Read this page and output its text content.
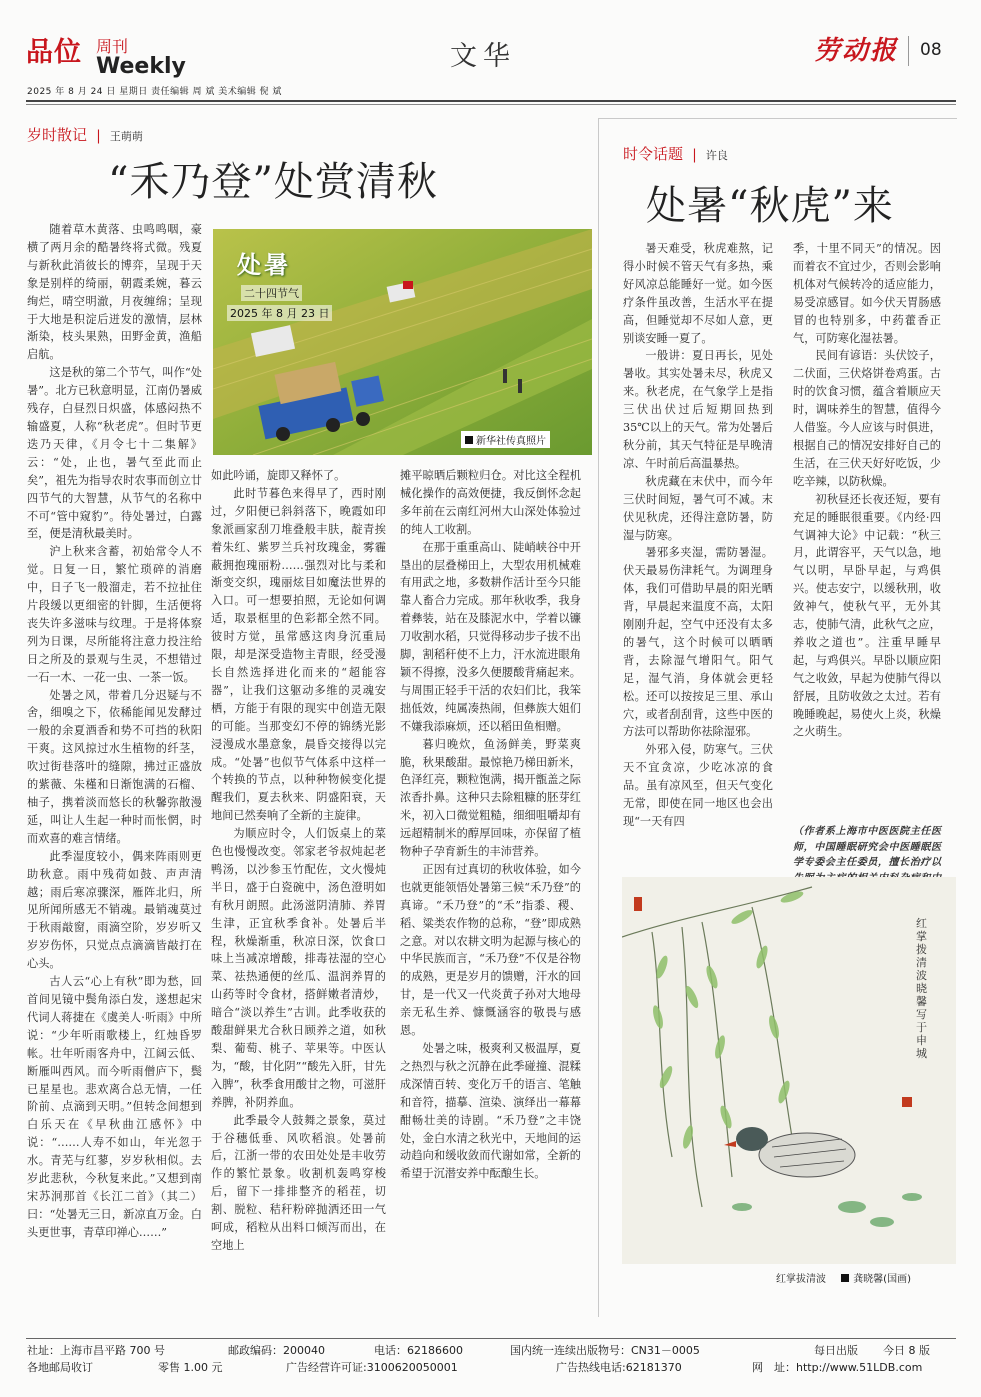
品位 周刊
Weekly	文华	劳动报 08
2025 年 8 月 24 日 星期日 责任编辑 周 斌 美术编辑 倪 斌
岁时散记 | 王萌萌
“禾乃登”处赏清秋
处暑
二十四节气
2025 年 8 月 23 日
新华社传真照片

随着草木黄落、虫鸣鸣咽，豪横了两月余的酷暑终将式微。残夏与新秋此消彼长的博弈，呈现于天象是别样的绮丽，朝霞柔婉，暮云绚烂，晴空明澈，月夜缠绵；呈现于大地是积淀后迸发的激情，层林渐染，枝头果熟，田野金黄，渔船启航。

这是秋的第二个节气，叫作“处暑”。北方已秋意明显，江南仍暑威残存，白昼烈日炽盛，体感闷热不输盛夏，人称“秋老虎”。但时节更迭乃天律，《月令七十二集解》云：“处，止也，暑气至此而止矣”，祖先为指导农时农事而创立廿四节气的大智慧，从节气的名称中不可“管中窥豹”。待处暑过，白露至，便是清秋最美时。

沪上秋来含蓄，初始常令人不觉。日复一日，繁忙琐碎的消磨中，日子飞一般溜走，若不拉扯住片段缓以更细密的针脚，生活便将丧失许多滋味与纹理。于是将体察列为日课，尽所能将注意力投注给日之所及的景观与生灵，不想错过一石一木、一花一虫、一茶一饭。

处暑之风，带着几分迟疑与不舍，细嗅之下，依稀能闻见发酵过一般的余夏酒香和势不可挡的秋阳干爽。这风掠过水生植物的纤茎，吹过街巷落叶的缝隙，拂过正盛放的紫薇、朱槿和日渐饱满的石榴、柚子，携着淡而悠长的秋馨弥散漫延，叫让人生起一种时而怅惘，时而欢喜的难言情绪。

此季湿度较小，偶来阵雨则更助秋意。雨中残荷如鼓、声声清越；雨后寒凉骤深，雁阵北归，所见所闻所感无不销魂。最销魂莫过于秋雨敲窗，雨滴空阶，岁岁听又岁岁伤怀，只觉点点滴滴皆敲打在心头。

古人云“心上有秋”即为愁，回首间见镜中鬓角添白发，遂想起宋代词人蒋捷在《虞美人·听雨》中所说：“少年听雨歌楼上，红烛昏罗帐。壮年听雨客舟中，江阔云低、断雁叫西风。而今听雨僧庐下，鬓已星星也。悲欢离合总无情，一任阶前、点滴到天明。”但转念间想到白乐天在《早秋曲江感怀》中说：“……人寿不如山，年光忽于水。青芜与红蓼，岁岁秋相似。去岁此悲秋，今秋复来此。”又想到南宋苏泂那首《长江二首》（其二）曰：“处暑无三日，新凉直万金。白头更世事，青草印禅心……”

如此吟诵，旋即又释怀了。

此时节暮色来得早了，西时刚过，夕阳便已斜斜落下，晚霞如印象派画家刮刀堆叠般丰肤，靛青挨着朱红、紫罗兰兵衬玫瑰金，雾霾蔽拥抱瑰丽粉……强烈对比与柔和渐变交织，瑰丽炫目如魔法世界的入口。可一想要拍照，无论如何调适，取景框里的色彩都全然不同。彼时方觉，虽常感这肉身沉重局限，却是深受造物主青眼，经受漫长自然选择进化而来的“超能容器”，让我们这躯动多维的灵魂安栖，方能于有限的现实中创造无限的可能。当那变幻不停的锦绣光影浸漫成水墨意象，晨昏交接得以完成。“处暑”也似节气体系中这样一个转换的节点，以种种物候变化提醒我们，夏去秋来、阴盛阳衰，天地间已然奏响了全新的主旋律。

为顺应时令，人们饭桌上的菜色也慢慢改变。邻家老爷叔炖起老鸭汤，以沙参玉竹配佐，文火慢炖半日，盛于白瓷碗中，汤色澄明如有秋月朗照。此汤滋阴清肺、养胃生津，正宜秋季食补。处暑后半程，秋燥渐重，秋凉日深，饮食口味上当减凉增酸，排毒祛湿的空心菜、祛热通便的丝瓜、温润养胃的山药等时令食材，搭鲜嫩者清炒，暗合“淡以养生”古训。此季收获的酸甜鲜果尤合秋日顾养之道，如秋梨、葡萄、桃子、苹果等。中医认为，“酸，甘化阴”“酸先入肝，甘先入脾”，秋季食用酸甘之物，可滋肝养脾，补阴养血。

此季最令人鼓舞之景象，莫过于谷穗低垂、风吹稻浪。处暑前后，江浙一带的农田处处是丰收劳作的繁忙景象。收割机轰鸣穿梭后，留下一排排整齐的稻茬，切割、脱粒、秸秆粉碎抛洒还田一气呵成，稻粒从出料口倾泻而出，在空地上

摊平晾晒后颗粒归仓。对比这全程机械化操作的高效便捷，我反倒怀念起多年前在云南红河州大山深处体验过的纯人工收割。

在那于重重高山、陡峭峡谷中开垦出的层叠梯田上，大型农用机械难有用武之地，多数耕作活计至今只能靠人畜合力完成。那年秋收季，我身着彝装，站在及膝泥水中，学着以镰刀收割水稻，只觉得移动步子拔不出脚，割稻秆使不上力，汗水流进眼角颖不得擦，没多久便腰酸背痛起来。与周围正轻手干活的农妇们比，我笨拙低效，纯属凑热闹，但彝族大姐们不嫌我添麻烦，还以稻田鱼相赠。

暮归晚炊，鱼汤鲜美，野菜爽脆，秋果酸甜。最惊艳乃梯田新米，色泽红亮，颗粒饱满，揭开甑盖之际浓香扑鼻。这种只去除粗糠的胚芽红米，初入口微觉粗糙，细细咀嚼却有远超精制米的醇厚回味，亦保留了植物种子孕育新生的丰沛营养。

正因有过真切的秋收体验，如今也就更能领悟处暑第三候“禾乃登”的真谛。“禾乃登”的“禾”指黍、稷、稻、粱类农作物的总称，“登”即成熟之意。对以农耕文明为起源与核心的中华民族而言，“禾乃登”不仅是谷物的成熟，更是岁月的馈赠，汗水的回甘，是一代又一代炎黄子孙对大地母亲无私生养、慷慨涵容的敬畏与感恩。

处暑之味，极爽利又极温厚，夏之热烈与秋之沉静在此季碰撞、混糅成深情百转、变化万千的语言、笔触和音符，描摹、渲染、演绎出一幕幕酣畅壮美的诗剧。“禾乃登”之丰饶处，金白水清之秋光中，天地间的运动趋向和缓收敛而代谢如常，全新的希望于沉潜安养中酝酿生长。

时令话题 | 许良
处暑“秋虎”来

暑天难受，秋虎难熬，记得小时候不管天气有多热，乘好风凉总能睡好一觉。如今医疗条件虽改善，生活水平在提高，但睡觉却不尽如人意，更别谈安睡一夏了。

一般讲：夏日再长，见处暑收。其实处暑未尽，秋虎又来。秋老虎，在气象学上是指三伏出伏过后短期回热到 35℃以上的天气。常为处暑后秋分前，其天气特征是早晚清凉、午时前后高温暴热。

秋虎藏在末伏中，而今年三伏时间短，暑气可不减。末伏见秋虎，还得注意防暑，防湿与防寒。

暑邪多夹湿，需防暑湿。伏天最易伤津耗气。为调理身体，我们可借助早晨的阳光晒背，早晨起来温度不高，太阳刚刚升起，空气中还没有太多的暑气，这个时候可以晒晒背，去除湿气增阳气。阳气足，湿气消，身体就会更轻松。还可以按按足三里、承山穴，或者刮刮背，这些中医的方法可以帮助你祛除湿邪。

外邪入侵，防寒气。三伏天不宜贪凉，少吃冰凉的食品。虽有凉风至，但天气变化无常，即使在同一地区也会出现“一天有四

季，十里不同天”的情况。因而着衣不宜过少，否则会影响机体对气候转冷的适应能力，易受凉感冒。如今伏天胃肠感冒的也特别多，中药藿香正气，可防寒化湿祛暑。

民间有谚语：头伏饺子，二伏面，三伏烙饼卷鸡蛋。古时的饮食习惯，蕴含着顺应天时，调味养生的智慧，值得今人借鉴。今人应该与时俱进，根据自己的情况安排好自己的生活，在三伏天好好吃饭，少吃辛辣，以防秋燥。

初秋昼还长夜还短，要有充足的睡眠很重要。《内经·四气调神大论》中记载：“秋三月，此谓容平，天气以急，地气以明，早卧早起，与鸡俱兴。使志安宁，以缓秋刑，收敛神气，使秋气平，无外其志，使肺气清，此秋气之应，养收之道也”。注重早睡早起，与鸡俱兴。早卧以顺应阳气之收敛，早起为使肺气得以舒展，且防收敛之太过。若有晚睡晚起，易使火上炎，秋燥之火萌生。

（作者系上海市中医医院主任医师，中国睡眠研究会中医睡眠医学专委会主任委员，擅长治疗以
红掌拨清波 晓馨写于申城
红掌拔清波	龚晓馨(国画)
社址：上海市昌平路 700 号	邮政编码：200040	电话：62186600	国内统一连续出版物号：CN31－0005	每日出版 今日 8 版
各地邮局收订	零售 1.00 元	广告经营许可证:3100620050001	广告热线电话:62181370	网　址：http://www.51LDB.com
